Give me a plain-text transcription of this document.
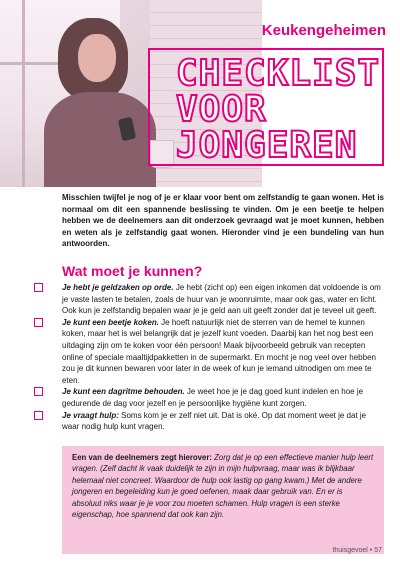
Keukengeheimen
CHECKLIST
VOOR
JONGEREN
Misschien twijfel je nog of je er klaar voor bent om zelfstandig te gaan wonen. Het is normaal om dit een spannende beslissing te vinden. Om je een beetje te helpen hebben we de deelnemers aan dit onderzoek gevraagd wat je moet kunnen, hebben en weten als je zelfstandig gaat wonen. Hieronder vind je een bundeling van hun antwoorden.
Wat moet je kunnen?
Je hebt je geldzaken op orde. Je hebt (zicht op) een eigen inkomen dat voldoende is om je vaste lasten te betalen, zoals de huur van je woonruimte, maar ook gas, water en licht. Ook kun je zelfstandig bepalen waar je je geld aan uit geeft zonder dat je teveel uit geeft.
Je kunt een beetje koken. Je hoeft natuurlijk niet de sterren van de hemel te kunnen koken, maar het is wel belangrijk dat je jezelf kunt voeden. Daarbij kan het nog best een uitdaging zijn om te koken voor één persoon! Maak bijvoorbeeld gebruik van recepten online of speciale maaltijdpakketten in de supermarkt. En mocht je nog veel over hebben zou je dit kunnen bewaren voor later in de week of kun je iemand uitnodigen om mee te eten.
Je kunt een dagritme behouden. Je weet hoe je je dag goed kunt indelen en hoe je gedurende de dag voor jezelf en je persoonlijke hygiëne kunt zorgen.
Je vraagt hulp: Soms kom je er zelf niet uit. Dat is oké. Op dat moment weet je dat je waar nodig hulp kunt vragen.
Een van de deelnemers zegt hierover: Zorg dat je op een effectieve manier hulp leert vragen. (Zelf dacht ik vaak duidelijk te zijn in mijn hulpvraag, maar was ik blijkbaar helemaal niet concreet. Waardoor de hulp ook lastig op gang kwam.) Met de andere jongeren en begeleiding kun je goed oefenen, maak daar gebruik van. En er is absoluut niks waar je je voor zou moeten schamen. Hulp vragen is een sterke eigenschap, hoe spannend dat ook kan zijn.
thuisgevoel • 57
